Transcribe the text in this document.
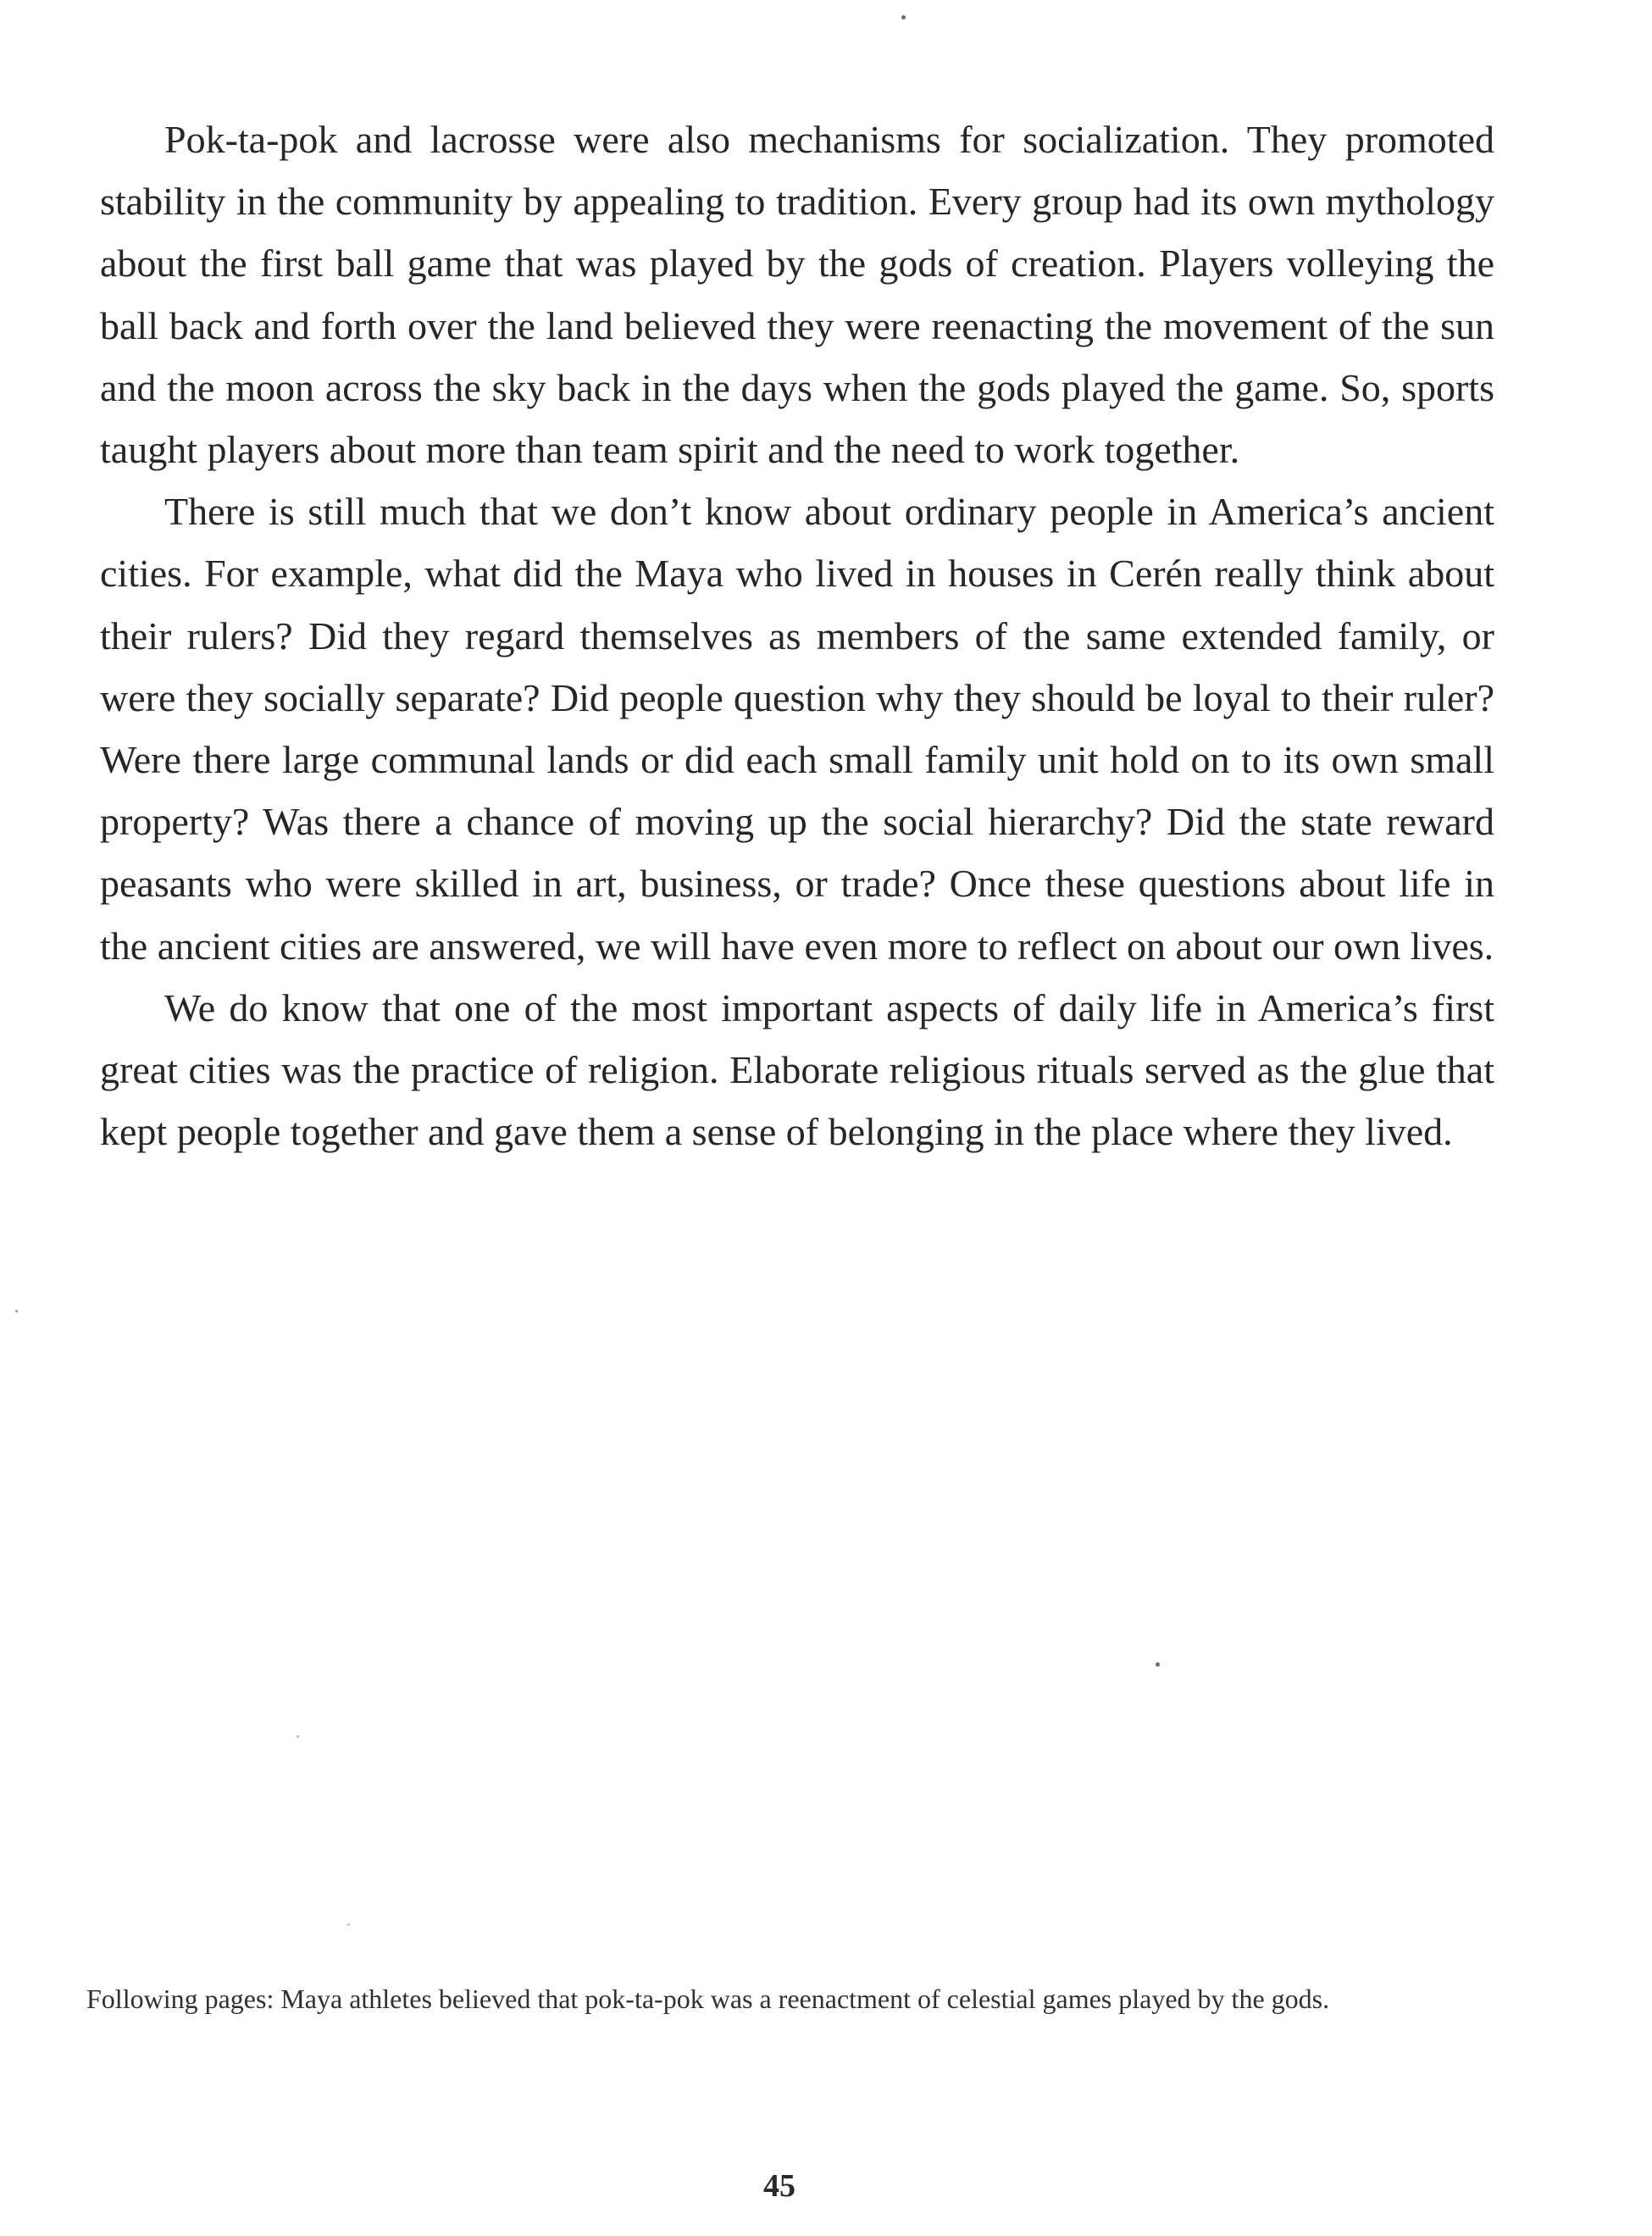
Pok-ta-pok and lacrosse were also mechanisms for socialization. They promoted stability in the community by appealing to tradition. Every group had its own mythology about the first ball game that was played by the gods of creation. Players volleying the ball back and forth over the land believed they were reenacting the movement of the sun and the moon across the sky back in the days when the gods played the game. So, sports taught players about more than team spirit and the need to work together.

There is still much that we don’t know about ordinary people in America’s ancient cities. For example, what did the Maya who lived in houses in Cerén really think about their rulers? Did they regard themselves as members of the same extended family, or were they socially separate? Did people question why they should be loyal to their ruler? Were there large communal lands or did each small family unit hold on to its own small property? Was there a chance of moving up the social hierarchy? Did the state reward peasants who were skilled in art, business, or trade? Once these questions about life in the ancient cities are answered, we will have even more to reflect on about our own lives.

We do know that one of the most important aspects of daily life in America’s first great cities was the practice of religion. Elaborate religious rituals served as the glue that kept people together and gave them a sense of belonging in the place where they lived.

Following pages: Maya athletes believed that pok-ta-pok was a reenactment of celestial games played by the gods.
45
